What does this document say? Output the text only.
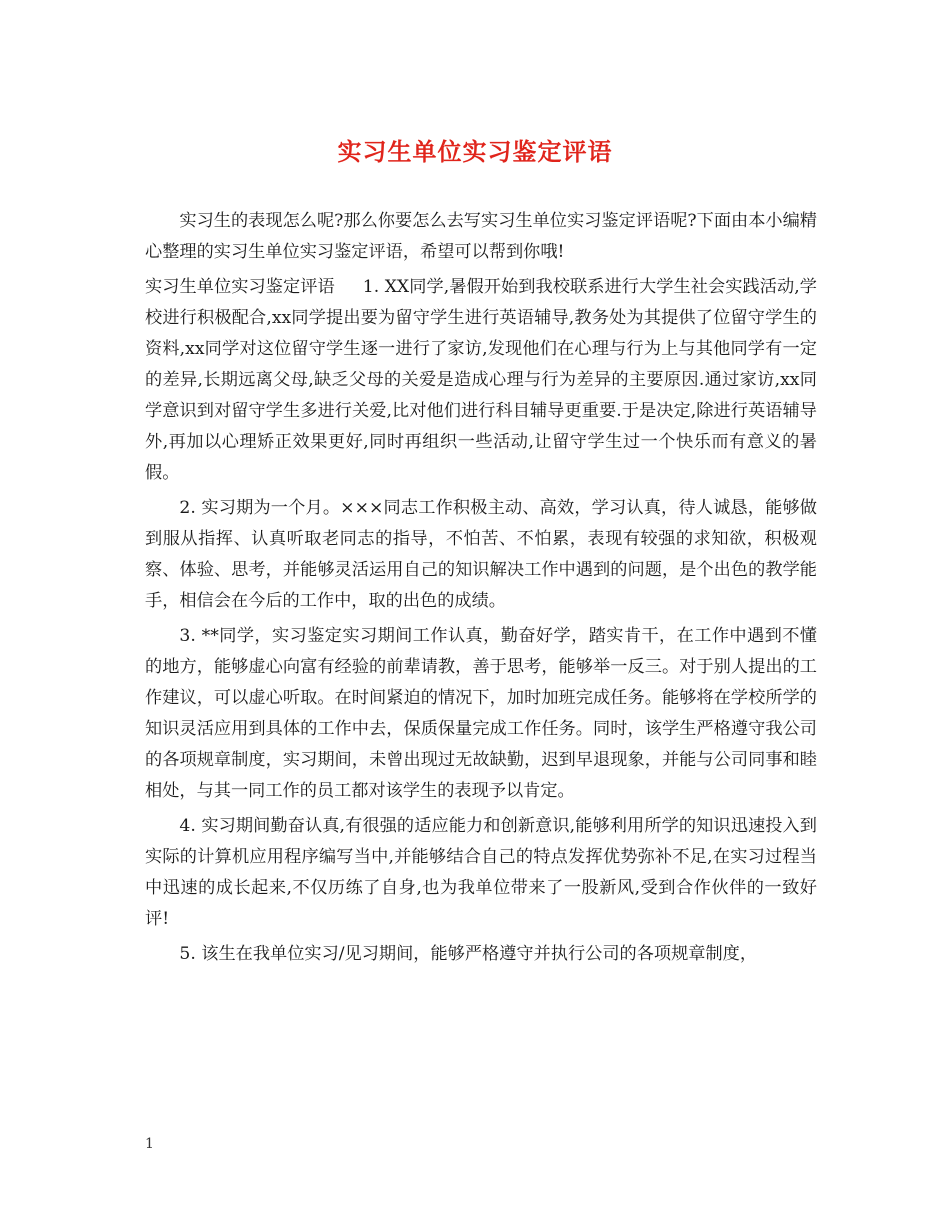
实习生单位实习鉴定评语

实习生的表现怎么呢?那么你要怎么去写实习生单位实习鉴定评语呢?下面由本小编精心整理的实习生单位实习鉴定评语，希望可以帮到你哦!

实习生单位实习鉴定评语 1. XX同学,暑假开始到我校联系进行大学生社会实践活动,学校进行积极配合,xx同学提出要为留守学生进行英语辅导,教务处为其提供了位留守学生的资料,xx同学对这位留守学生逐一进行了家访,发现他们在心理与行为上与其他同学有一定的差异,长期远离父母,缺乏父母的关爱是造成心理与行为差异的主要原因.通过家访,xx同学意识到对留守学生多进行关爱,比对他们进行科目辅导更重要.于是决定,除进行英语辅导外,再加以心理矫正效果更好,同时再组织一些活动,让留守学生过一个快乐而有意义的暑假。

2. 实习期为一个月。×××同志工作积极主动、高效，学习认真，待人诚恳，能够做到服从指挥、认真听取老同志的指导，不怕苦、不怕累，表现有较强的求知欲，积极观察、体验、思考，并能够灵活运用自己的知识解决工作中遇到的问题，是个出色的教学能手，相信会在今后的工作中，取的出色的成绩。

3. **同学，实习鉴定实习期间工作认真，勤奋好学，踏实肯干，在工作中遇到不懂的地方，能够虚心向富有经验的前辈请教，善于思考，能够举一反三。对于别人提出的工作建议，可以虚心听取。在时间紧迫的情况下，加时加班完成任务。能够将在学校所学的知识灵活应用到具体的工作中去，保质保量完成工作任务。同时，该学生严格遵守我公司的各项规章制度，实习期间，未曾出现过无故缺勤，迟到早退现象，并能与公司同事和睦相处，与其一同工作的员工都对该学生的表现予以肯定。

4. 实习期间勤奋认真,有很强的适应能力和创新意识,能够利用所学的知识迅速投入到实际的计算机应用程序编写当中,并能够结合自己的特点发挥优势弥补不足,在实习过程当中迅速的成长起来,不仅历练了自身,也为我单位带来了一股新风,受到合作伙伴的一致好评!

5. 该生在我单位实习/见习期间，能够严格遵守并执行公司的各项规章制度，

1
